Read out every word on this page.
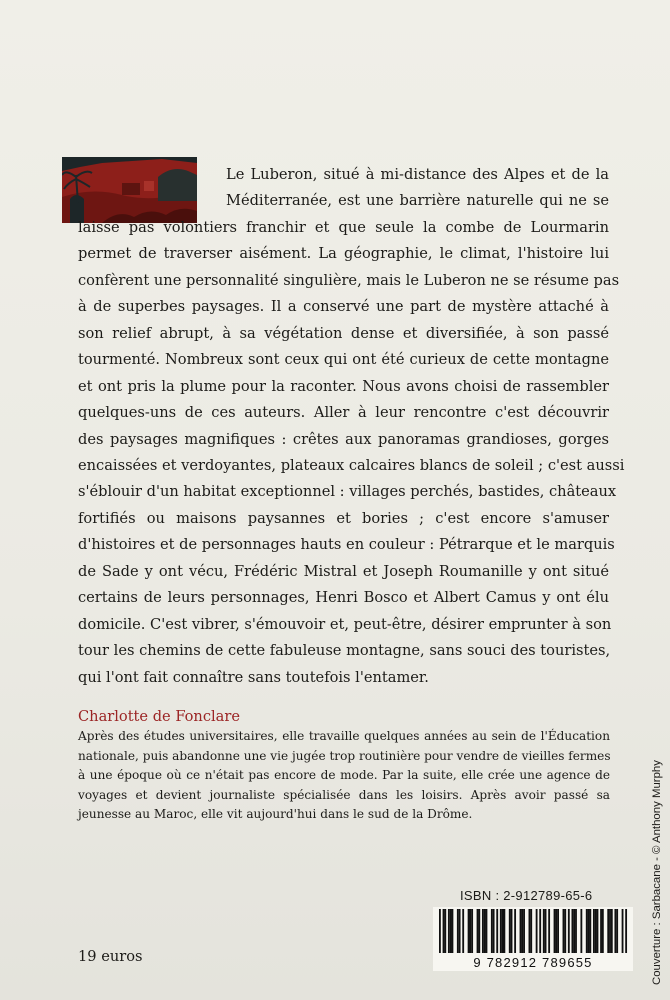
Le Luberon, situé à mi-distance des Alpes et de la
Méditerranée, est une barrière naturelle qui ne se
laisse pas volontiers franchir et que seule la combe de Lourmarin
permet de traverser aisément. La géographie, le climat, l'histoire lui
confèrent une personnalité singulière, mais le Luberon ne se résume pas
à de superbes paysages. Il a conservé une part de mystère attaché à
son relief abrupt, à sa végétation dense et diversifiée, à son passé
tourmenté. Nombreux sont ceux qui ont été curieux de cette montagne
et ont pris la plume pour la raconter. Nous avons choisi de rassembler
quelques-uns de ces auteurs. Aller à leur rencontre c'est découvrir
des paysages magnifiques : crêtes aux panoramas grandioses, gorges
encaissées et verdoyantes, plateaux calcaires blancs de soleil ; c'est aussi
s'éblouir d'un habitat exceptionnel : villages perchés, bastides, châteaux
fortifiés ou maisons paysannes et bories ; c'est encore s'amuser
d'histoires et de personnages hauts en couleur : Pétrarque et le marquis
de Sade y ont vécu, Frédéric Mistral et Joseph Roumanille y ont situé
certains de leurs personnages, Henri Bosco et Albert Camus y ont élu
domicile. C'est vibrer, s'émouvoir et, peut-être, désirer emprunter à son
tour les chemins de cette fabuleuse montagne, sans souci des touristes,
qui l'ont fait connaître sans toutefois l'entamer.
Charlotte de Fonclare
Après des études universitaires, elle travaille quelques années au sein de l'Éducation
nationale, puis abandonne une vie jugée trop routinière pour vendre de vieilles fermes
à une époque où ce n'était pas encore de mode. Par la suite, elle crée une agence de
voyages et devient journaliste spécialisée dans les loisirs. Après avoir passé sa
jeunesse au Maroc, elle vit aujourd'hui dans le sud de la Drôme.
ISBN : 2-912789-65-6
9 782912 789655
19 euros	Couverture : Sarbacane - © Anthony Murphy
